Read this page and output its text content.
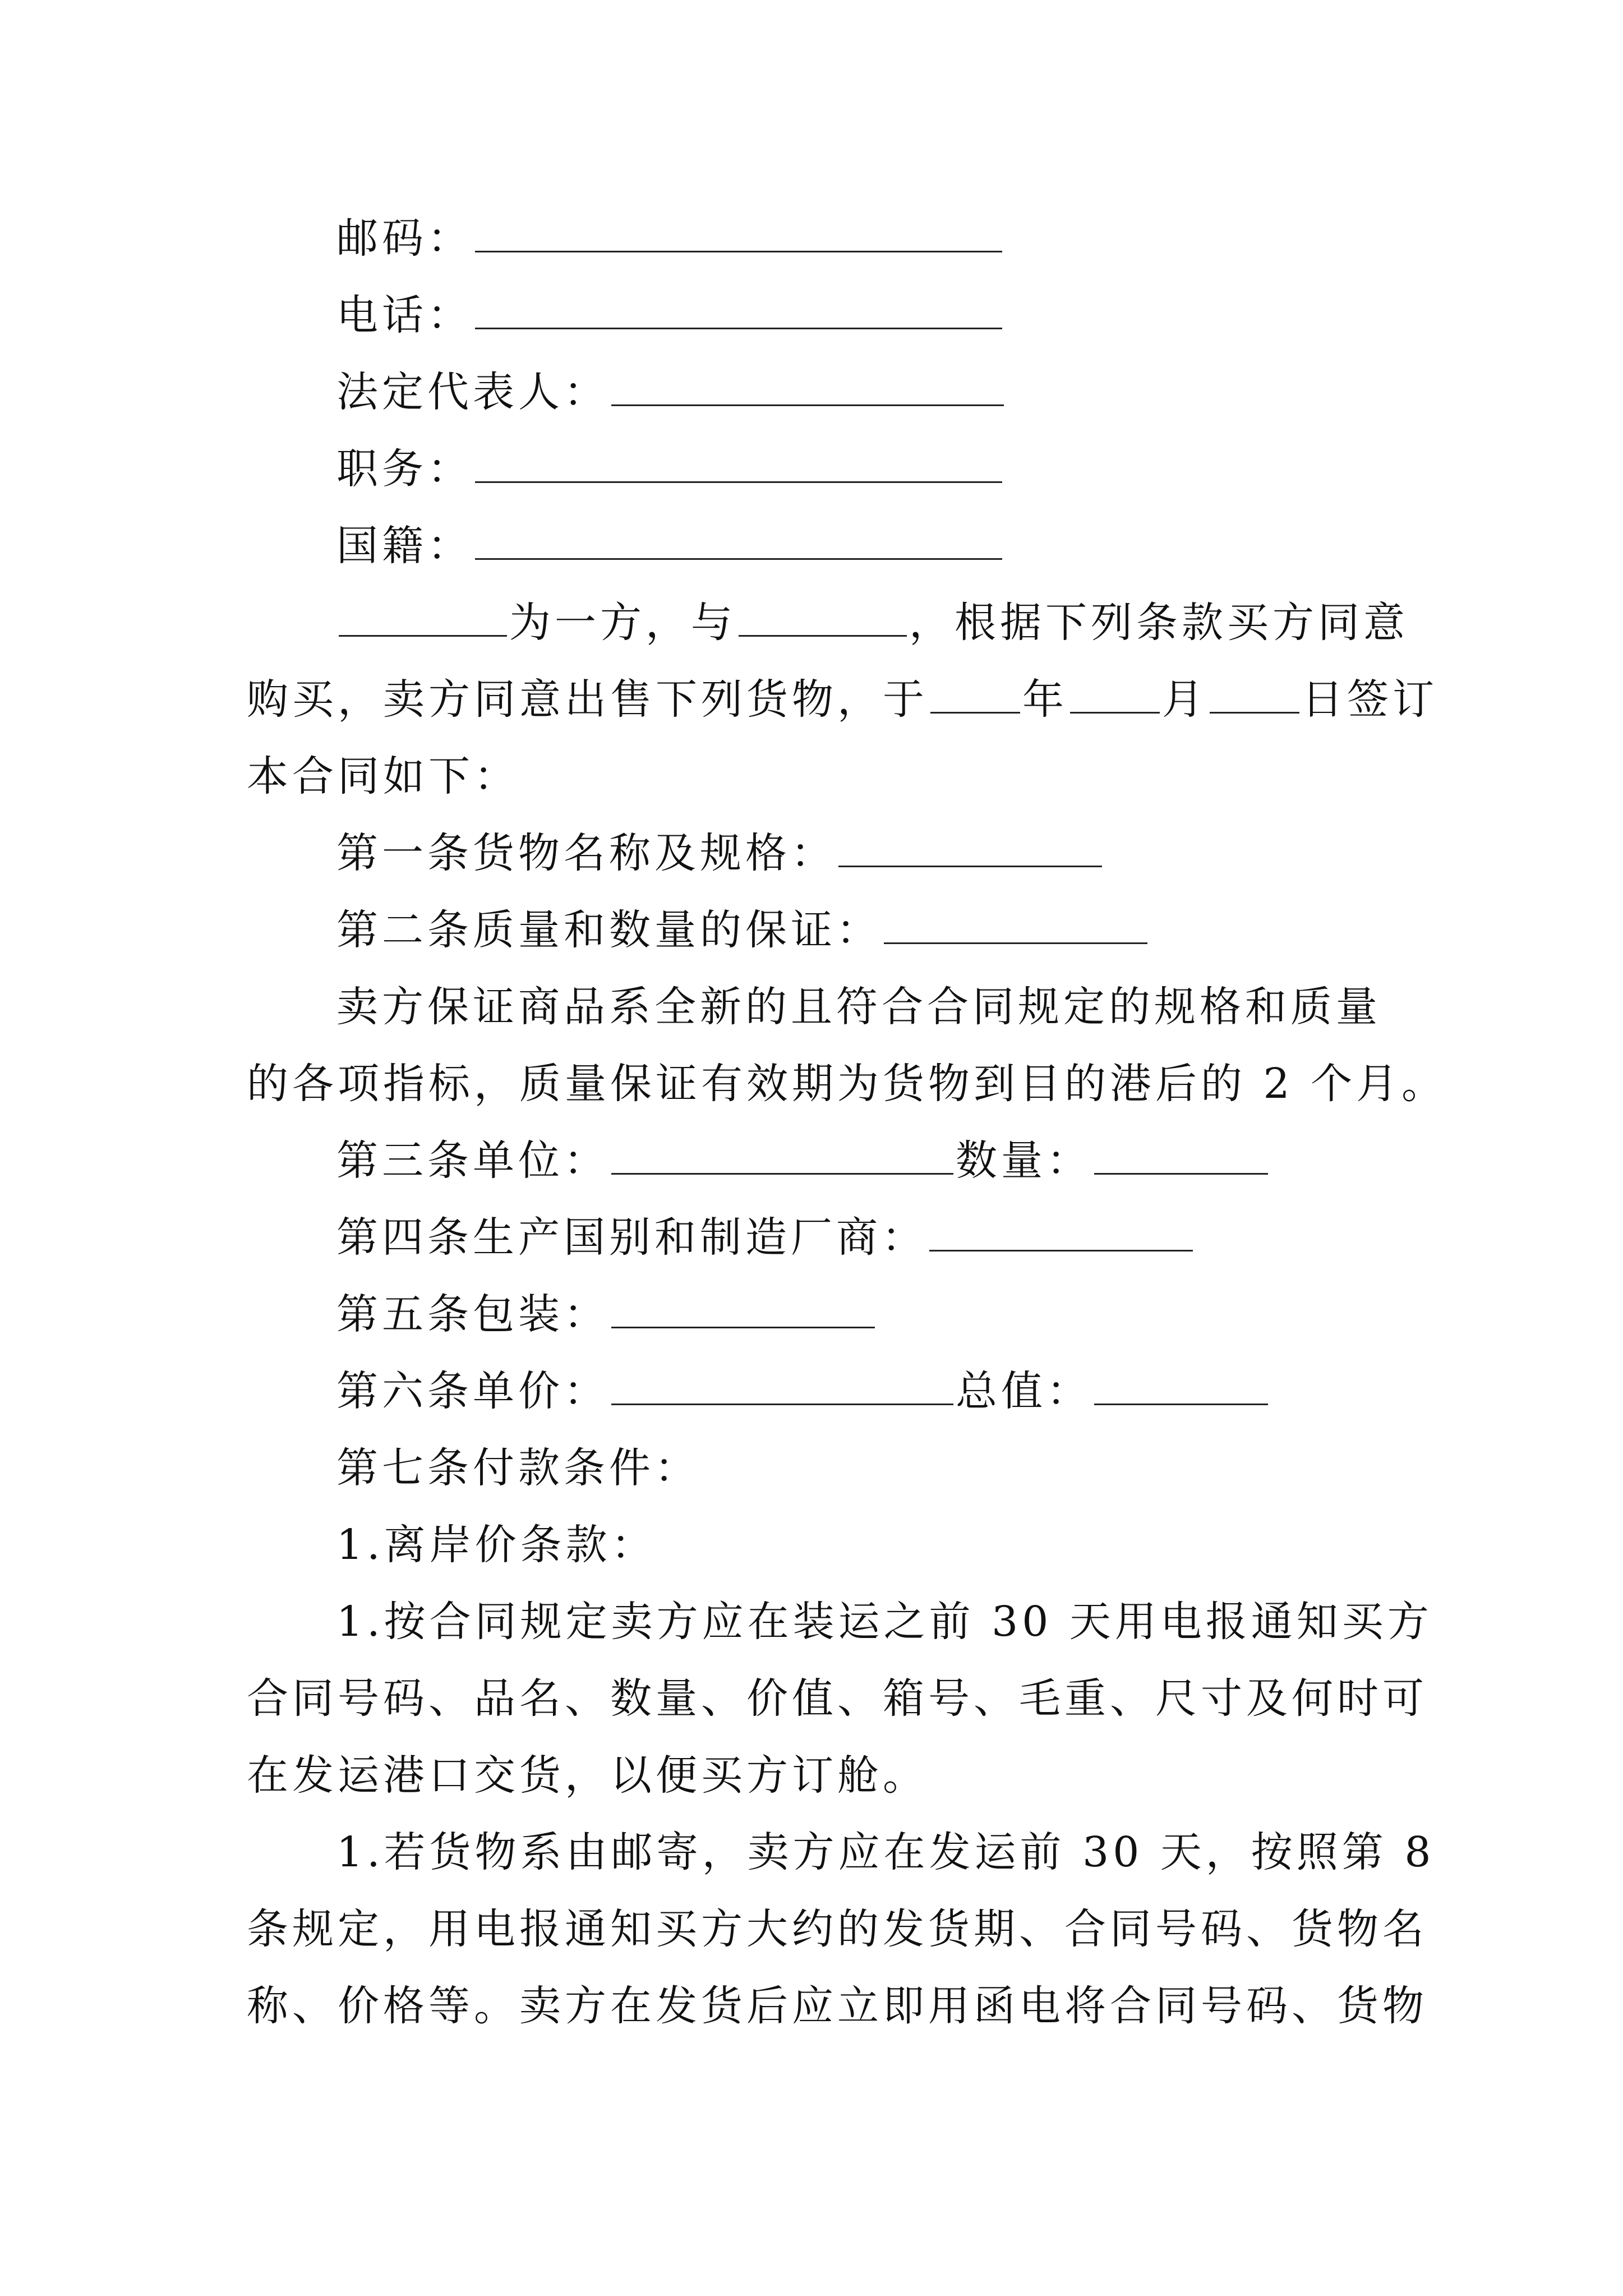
邮码：
电话：
法定代表人：
职务：
国籍：
为一方，与	，根据下列条款买方同意
购买，卖方同意出售下列货物，于 年 月 日签订
本合同如下：
第一条货物名称及规格：
第二条质量和数量的保证：
卖方保证商品系全新的且符合合同规定的规格和质量
的各项指标，质量保证有效期为货物到目的港后的 2 个月。
第三条单位：	数量：
第四条生产国别和制造厂商：
第五条包装：
第六条单价：	总值：
第七条付款条件：
1.离岸价条款：
1.按合同规定卖方应在装运之前 30 天用电报通知买方
合同号码、品名、数量、价值、箱号、毛重、尺寸及何时可
在发运港口交货，以便买方订舱。
1.若货物系由邮寄，卖方应在发运前 30 天，按照第 8
条规定，用电报通知买方大约的发货期、合同号码、货物名
称、价格等。卖方在发货后应立即用函电将合同号码、货物
